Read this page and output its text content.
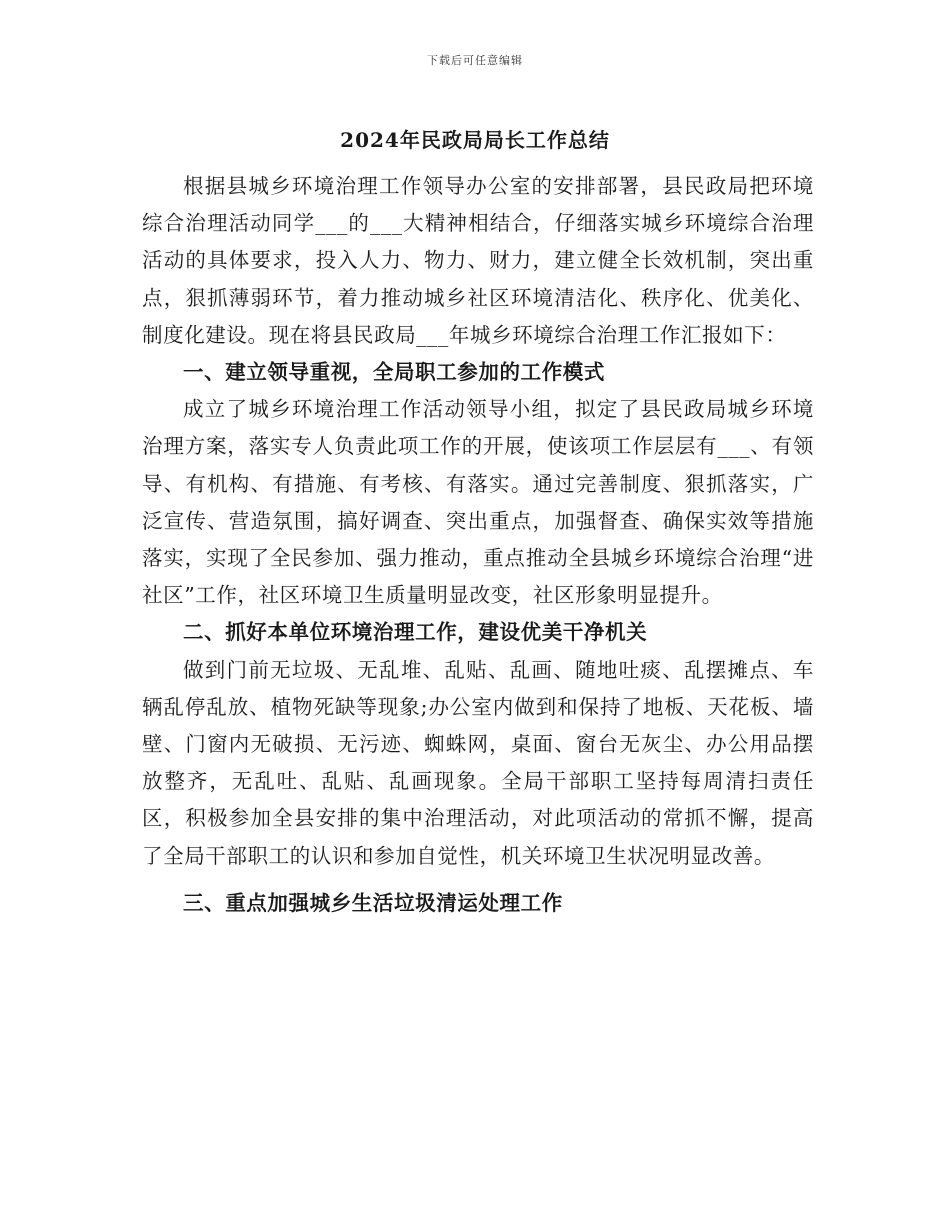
下载后可任意编辑
2024年民政局局长工作总结

根据县城乡环境治理工作领导办公室的安排部署，县民政局把环境综合治理活动同学___的___大精神相结合，仔细落实城乡环境综合治理活动的具体要求，投入人力、物力、财力，建立健全长效机制，突出重点，狠抓薄弱环节，着力推动城乡社区环境清洁化、秩序化、优美化、制度化建设。现在将县民政局___年城乡环境综合治理工作汇报如下：

一、建立领导重视，全局职工参加的工作模式

成立了城乡环境治理工作活动领导小组，拟定了县民政局城乡环境治理方案，落实专人负责此项工作的开展，使该项工作层层有___、有领导、有机构、有措施、有考核、有落实。通过完善制度、狠抓落实，广泛宣传、营造氛围，搞好调查、突出重点，加强督查、确保实效等措施落实，实现了全民参加、强力推动，重点推动全县城乡环境综合治理“进社区”工作，社区环境卫生质量明显改变，社区形象明显提升。

二、抓好本单位环境治理工作，建设优美干净机关

做到门前无垃圾、无乱堆、乱贴、乱画、随地吐痰、乱摆摊点、车辆乱停乱放、植物死缺等现象;办公室内做到和保持了地板、天花板、墙壁、门窗内无破损、无污迹、蜘蛛网，桌面、窗台无灰尘、办公用品摆放整齐，无乱吐、乱贴、乱画现象。全局干部职工坚持每周清扫责任区，积极参加全县安排的集中治理活动，对此项活动的常抓不懈，提高了全局干部职工的认识和参加自觉性，机关环境卫生状况明显改善。

三、重点加强城乡生活垃圾清运处理工作
